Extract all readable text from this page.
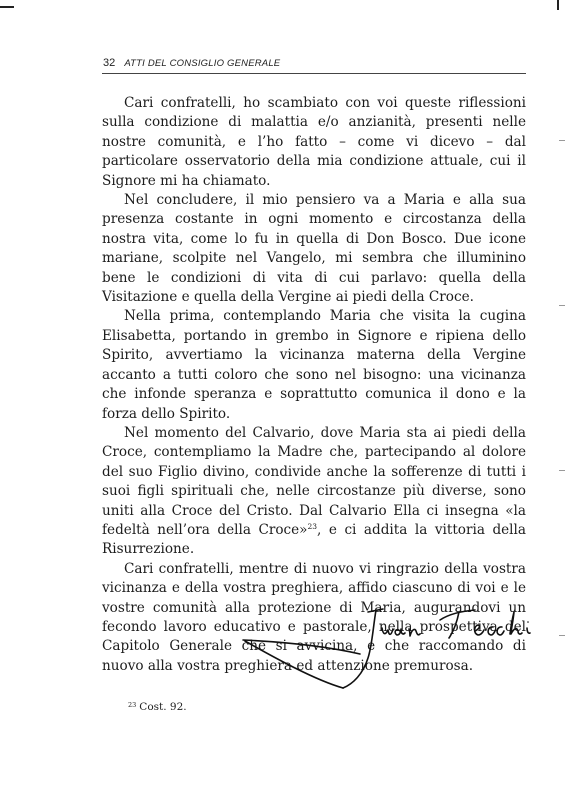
32 ATTI DEL CONSIGLIO GENERALE

Cari confratelli, ho scambiato con voi queste riflessioni sulla condizione di malattia e/o anzianità, presenti nelle nostre comunità, e l’ho fatto – come vi dicevo – dal particolare osservatorio della mia condizione attuale, cui il Signore mi ha chiamato.

Nel concludere, il mio pensiero va a Maria e alla sua presenza costante in ogni momento e circostanza della nostra vita, come lo fu in quella di Don Bosco. Due icone mariane, scolpite nel Vangelo, mi sembra che illuminino bene le condizioni di vita di cui parlavo: quella della Visitazione e quella della Vergine ai piedi della Croce.

Nella prima, contemplando Maria che visita la cugina Elisabetta, portando in grembo in Signore e ripiena dello Spirito, avvertiamo la vicinanza materna della Vergine accanto a tutti coloro che sono nel bisogno: una vicinanza che infonde speranza e soprattutto comunica il dono e la forza dello Spirito.

Nel momento del Calvario, dove Maria sta ai piedi della Croce, contempliamo la Madre che, partecipando al dolore del suo Figlio divino, condivide anche la sofferenze di tutti i suoi figli spirituali che, nelle circostanze più diverse, sono uniti alla Croce del Cristo. Dal Calvario Ella ci insegna «la fedeltà nell’ora della Croce»$^{23}$, e ci addita la vittoria della Risurrezione.

Cari confratelli, mentre di nuovo vi ringrazio della vostra vicinanza e della vostra preghiera, affido ciascuno di voi e le vostre comunità alla protezione di Maria, augurandovi un fecondo lavoro educativo e pastorale, nella prospettiva del Capitolo Generale che si avvicina, e che raccomando di nuovo alla vostra preghiera ed attenzione premurosa.

$^{23}$ Cost. 92.
